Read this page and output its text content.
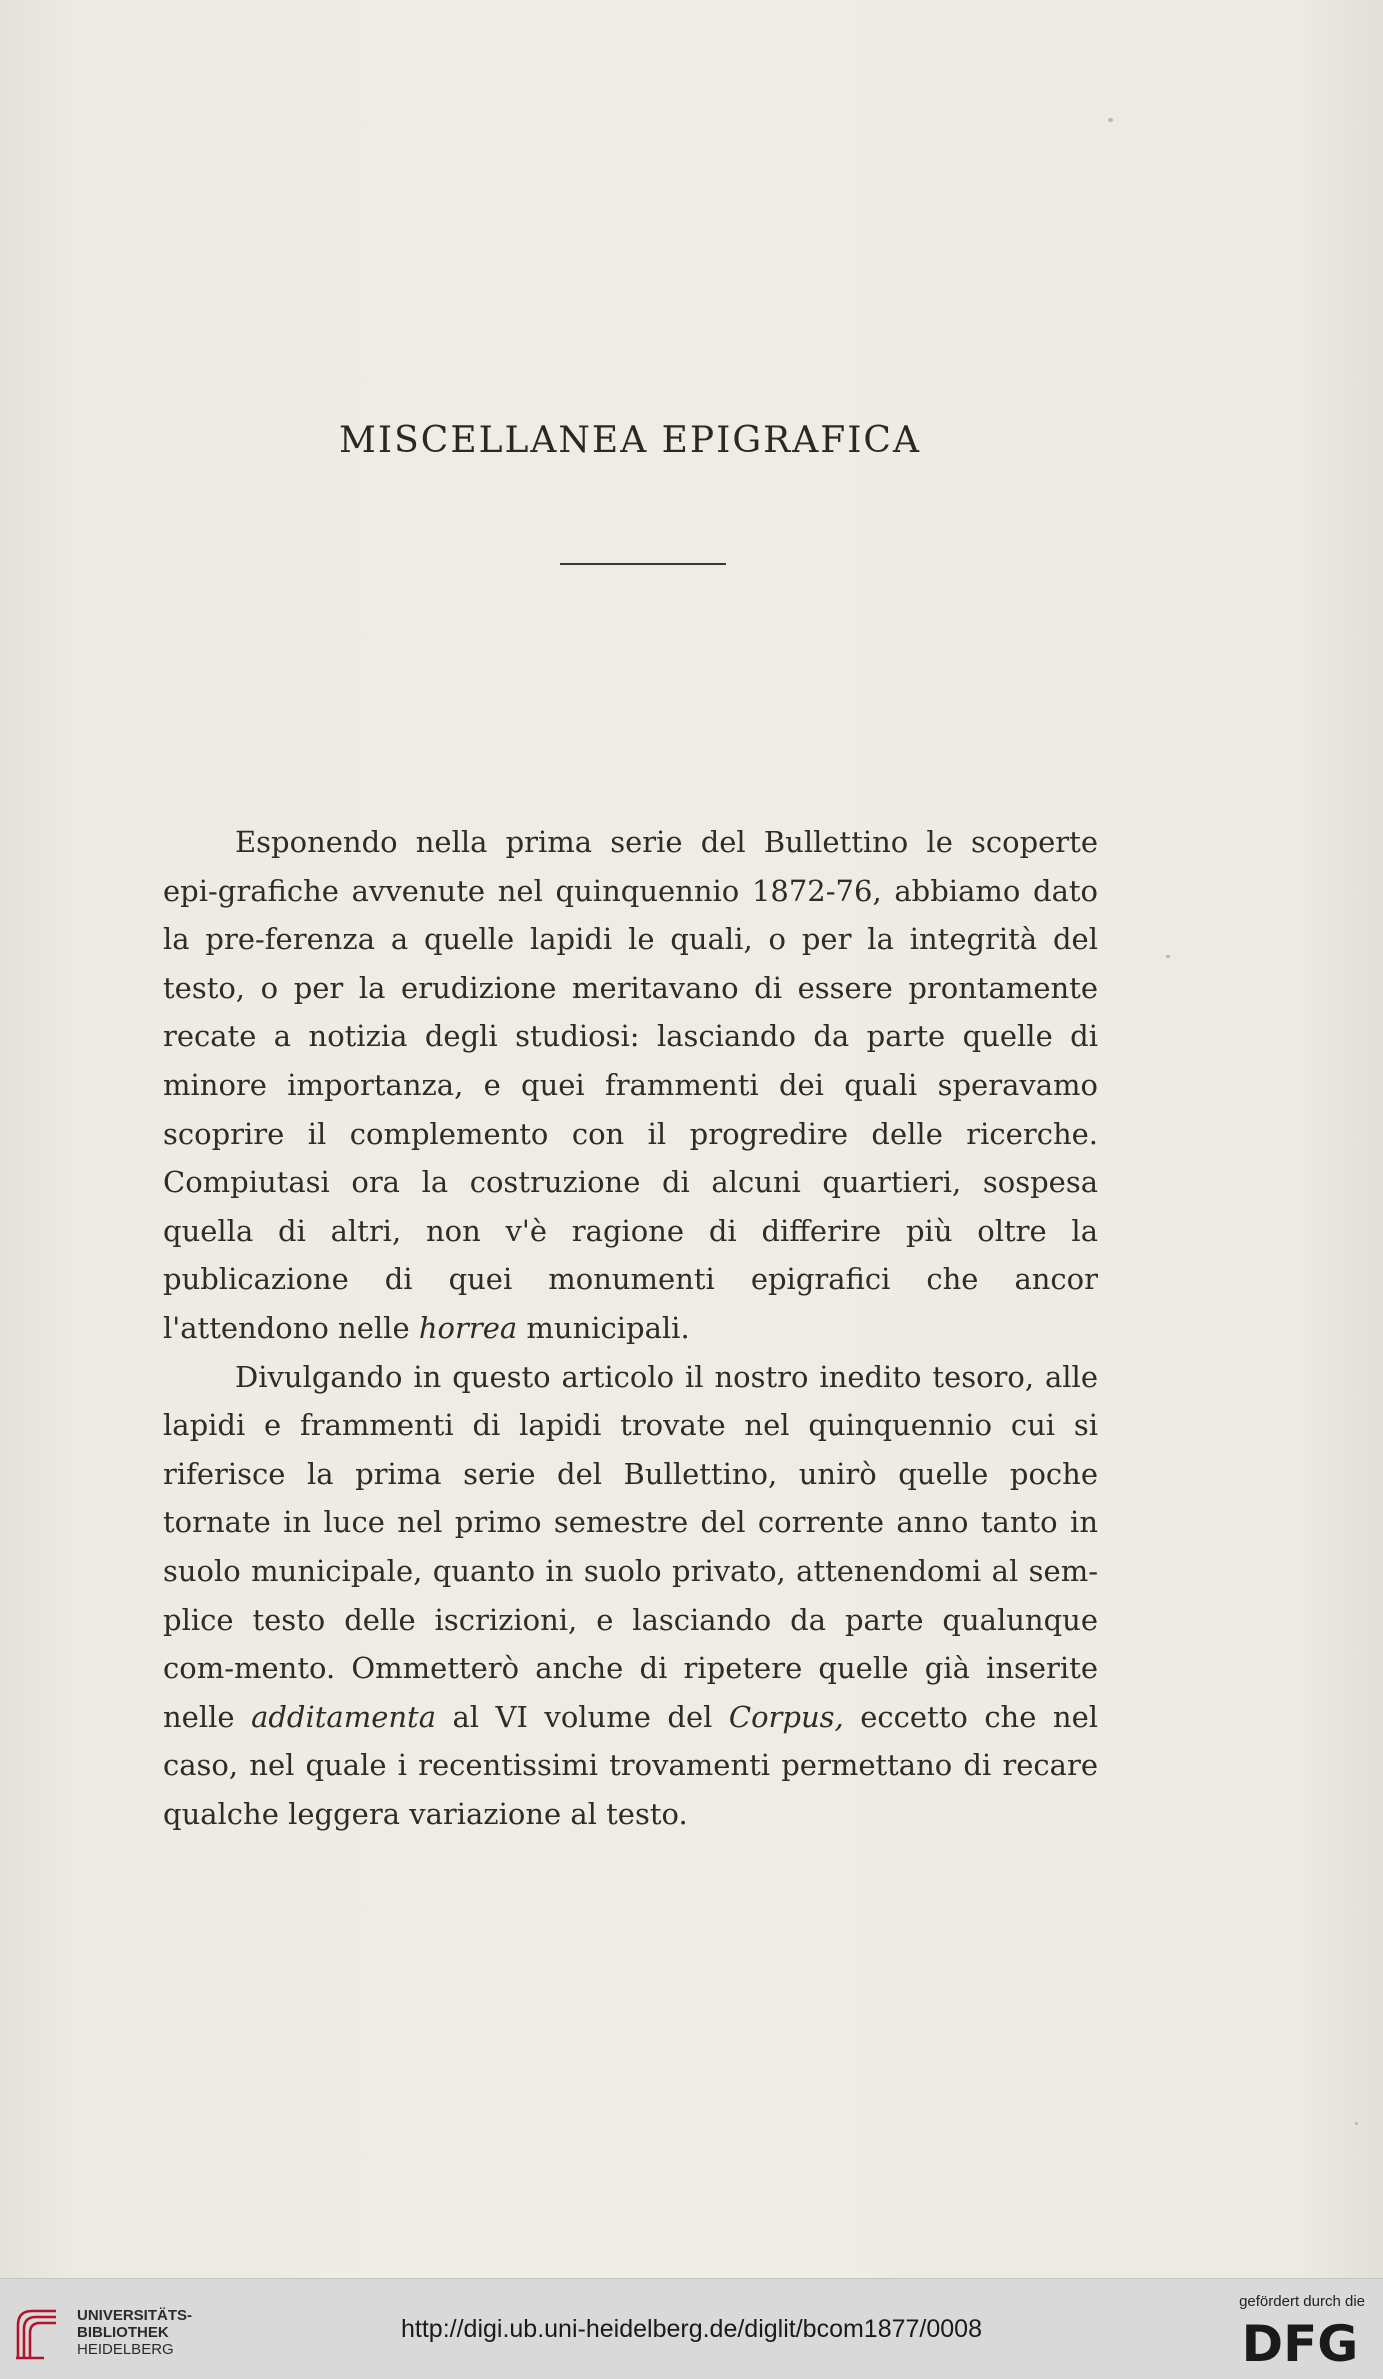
MISCELLANEA EPIGRAFICA

Esponendo nella prima serie del Bullettino le scoperte epi-grafiche avvenute nel quinquennio 1872-76, abbiamo dato la pre-ferenza a quelle lapidi le quali, o per la integrità del testo, o per la erudizione meritavano di essere prontamente recate a notizia degli studiosi: lasciando da parte quelle di minore importanza, e quei frammenti dei quali speravamo scoprire il complemento con il progredire delle ricerche. Compiutasi ora la costruzione di alcuni quartieri, sospesa quella di altri, non v'è ragione di differire più oltre la publicazione di quei monumenti epigrafici che ancor l'attendono nelle horrea municipali.

Divulgando in questo articolo il nostro inedito tesoro, alle lapidi e frammenti di lapidi trovate nel quinquennio cui si riferisce la prima serie del Bullettino, unirò quelle poche tornate in luce nel primo semestre del corrente anno tanto in suolo municipale, quanto in suolo privato, attenendomi al sem-plice testo delle iscrizioni, e lasciando da parte qualunque com-mento. Ommetterò anche di ripetere quelle già inserite nelle additamenta al VI volume del Corpus, eccetto che nel caso, nel quale i recentissimi trovamenti permettano di recare qualche leggera variazione al testo.

UNIVERSITÄTS-
BIBLIOTHEK
HEIDELBERG
http://digi.ub.uni-heidelberg.de/diglit/bcom1877/0008
gefördert durch die
DFG
